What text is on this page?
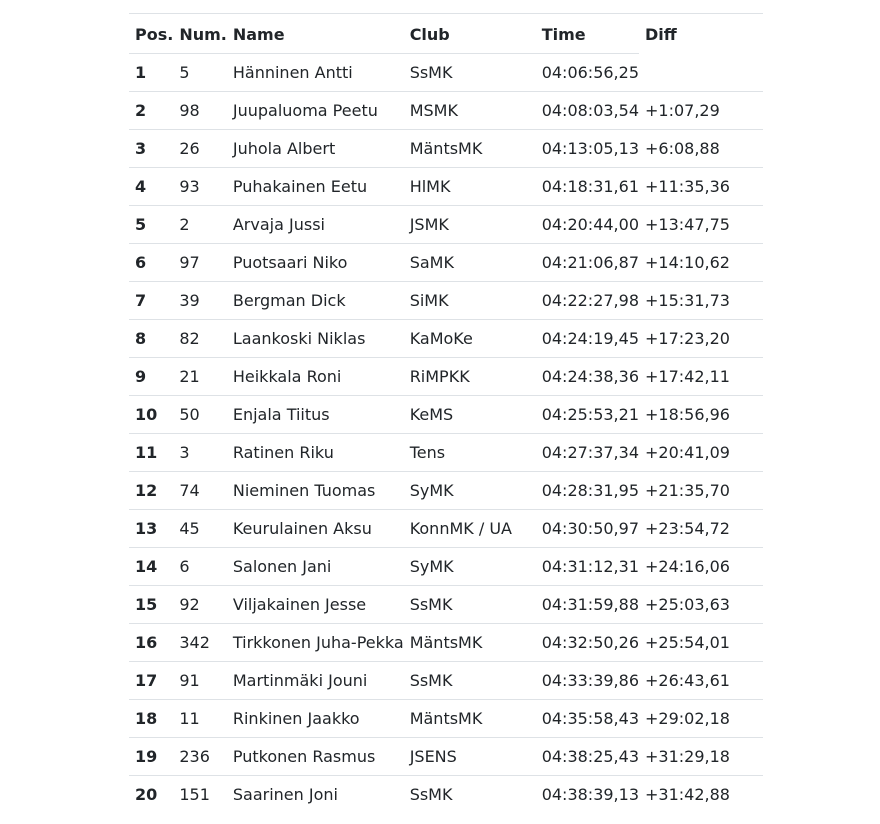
Pos.	Num.	Name	Club	Time	Diff
1	5	Hänninen Antti	SsMK	04:06:56,25	
2	98	Juupaluoma Peetu	MSMK	04:08:03,54	+1:07,29
3	26	Juhola Albert	MäntsMK	04:13:05,13	+6:08,88
4	93	Puhakainen Eetu	HlMK	04:18:31,61	+11:35,36
5	2	Arvaja Jussi	JSMK	04:20:44,00	+13:47,75
6	97	Puotsaari Niko	SaMK	04:21:06,87	+14:10,62
7	39	Bergman Dick	SiMK	04:22:27,98	+15:31,73
8	82	Laankoski Niklas	KaMoKe	04:24:19,45	+17:23,20
9	21	Heikkala Roni	RiMPKK	04:24:38,36	+17:42,11
10	50	Enjala Tiitus	KeMS	04:25:53,21	+18:56,96
11	3	Ratinen Riku	Tens	04:27:37,34	+20:41,09
12	74	Nieminen Tuomas	SyMK	04:28:31,95	+21:35,70
13	45	Keurulainen Aksu	KonnMK / UA	04:30:50,97	+23:54,72
14	6	Salonen Jani	SyMK	04:31:12,31	+24:16,06
15	92	Viljakainen Jesse	SsMK	04:31:59,88	+25:03,63
16	342	Tirkkonen Juha-Pekka	MäntsMK	04:32:50,26	+25:54,01
17	91	Martinmäki Jouni	SsMK	04:33:39,86	+26:43,61
18	11	Rinkinen Jaakko	MäntsMK	04:35:58,43	+29:02,18
19	236	Putkonen Rasmus	JSENS	04:38:25,43	+31:29,18
20	151	Saarinen Joni	SsMK	04:38:39,13	+31:42,88
